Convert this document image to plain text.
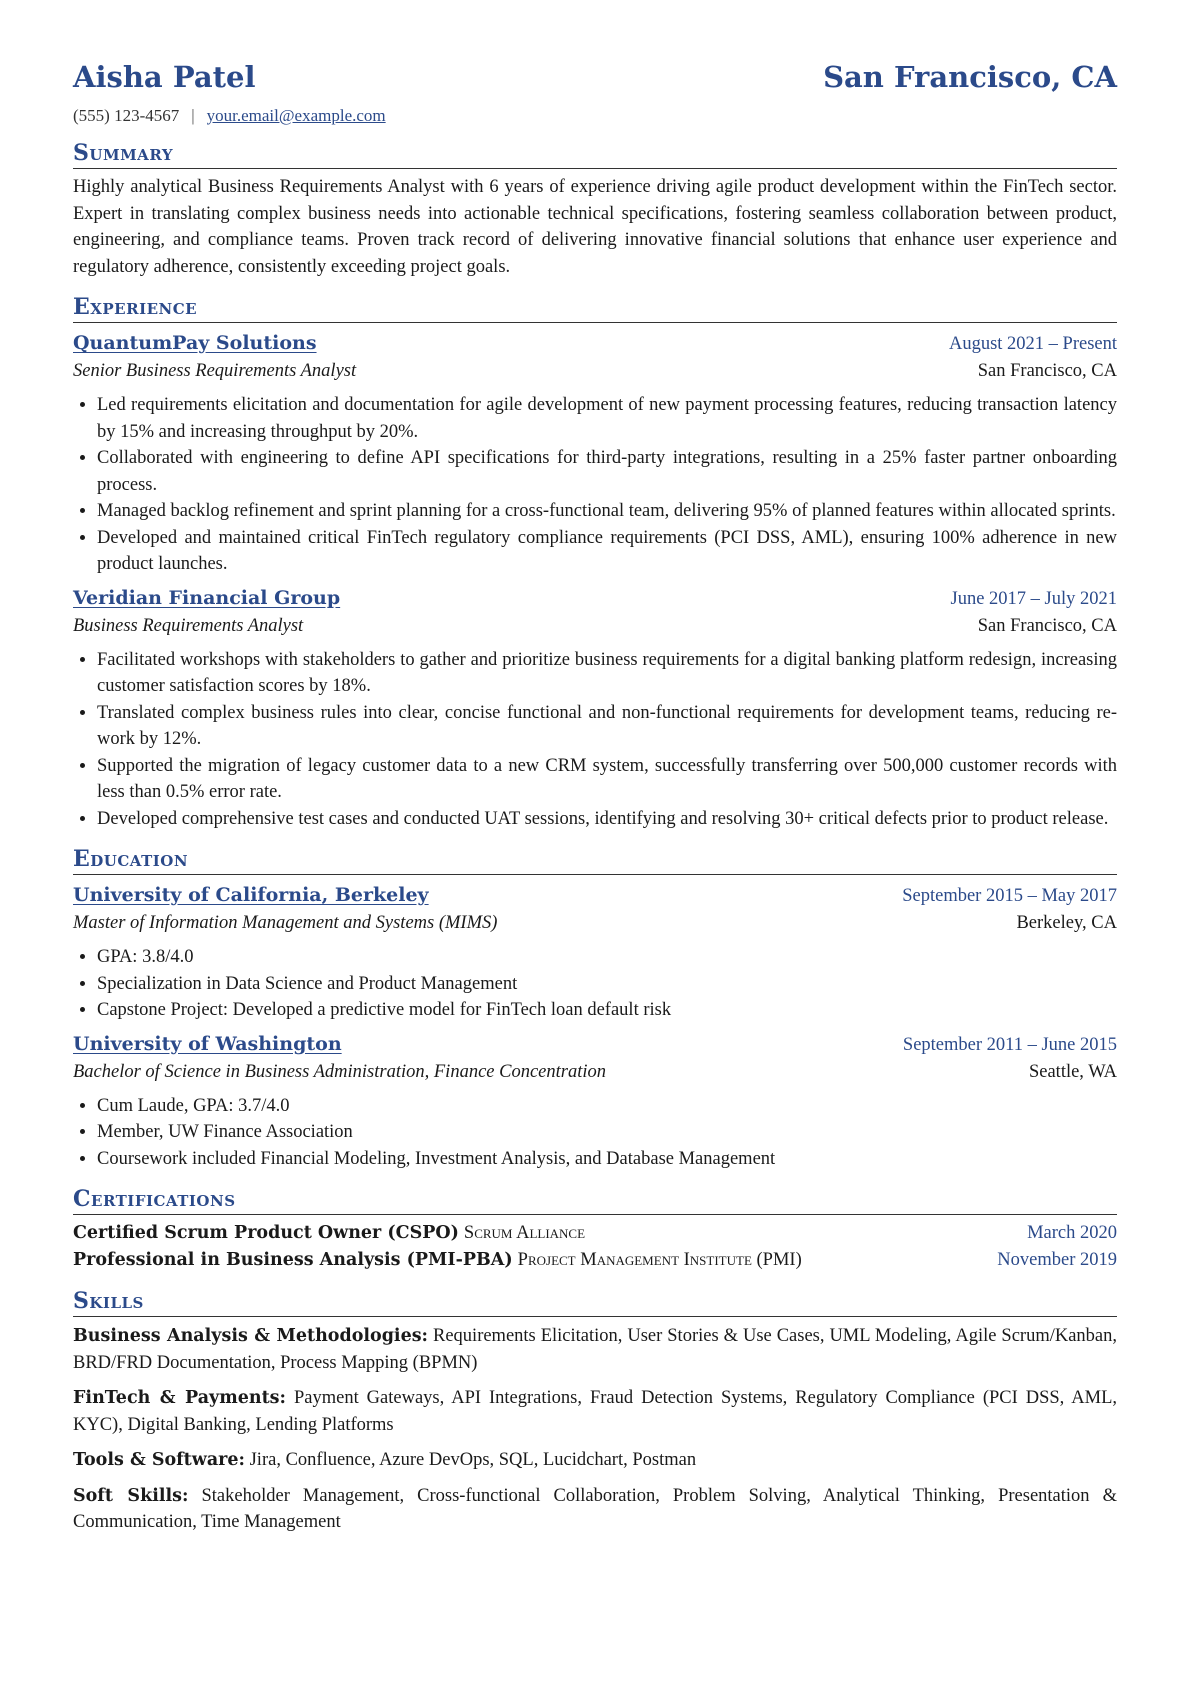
Aisha Patel	San Francisco, CA
(555) 123-4567 | your.email@example.com
Summary
Highly analytical Business Requirements Analyst with 6 years of experience driving agile product development within the FinTech sector. Expert in translating complex business needs into actionable technical specifications, fostering seamless collaboration between product, engineering, and compliance teams. Proven track record of delivering innovative financial solutions that enhance user experience and regulatory adherence, consistently exceeding project goals.
Experience
QuantumPay Solutions	August 2021 – Present
Senior Business Requirements Analyst	San Francisco, CA
• Led requirements elicitation and documentation for agile development of new payment processing features, reducing transaction latency by 15% and increasing throughput by 20%.
• Collaborated with engineering to define API specifications for third-party integrations, resulting in a 25% faster partner onboarding process.
• Managed backlog refinement and sprint planning for a cross-functional team, delivering 95% of planned features within allocated sprints.
• Developed and maintained critical FinTech regulatory compliance requirements (PCI DSS, AML), ensuring 100% adherence in new product launches.
Veridian Financial Group	June 2017 – July 2021
Business Requirements Analyst	San Francisco, CA
• Facilitated workshops with stakeholders to gather and prioritize business requirements for a digital banking platform redesign, increasing customer satisfaction scores by 18%.
• Translated complex business rules into clear, concise functional and non-functional requirements for development teams, reducing re-work by 12%.
• Supported the migration of legacy customer data to a new CRM system, successfully transferring over 500,000 customer records with less than 0.5% error rate.
• Developed comprehensive test cases and conducted UAT sessions, identifying and resolving 30+ critical defects prior to product release.
Education
University of California, Berkeley	September 2015 – May 2017
Master of Information Management and Systems (MIMS)	Berkeley, CA
• GPA: 3.8/4.0
• Specialization in Data Science and Product Management
• Capstone Project: Developed a predictive model for FinTech loan default risk
University of Washington	September 2011 – June 2015
Bachelor of Science in Business Administration, Finance Concentration	Seattle, WA
• Cum Laude, GPA: 3.7/4.0
• Member, UW Finance Association
• Coursework included Financial Modeling, Investment Analysis, and Database Management
Certifications
Certified Scrum Product Owner (CSPO) Scrum Alliance	March 2020
Professional in Business Analysis (PMI-PBA) Project Management Institute (PMI)	November 2019
Skills
Business Analysis & Methodologies: Requirements Elicitation, User Stories & Use Cases, UML Modeling, Agile Scrum/Kanban, BRD/FRD Documentation, Process Mapping (BPMN)
FinTech & Payments: Payment Gateways, API Integrations, Fraud Detection Systems, Regulatory Compliance (PCI DSS, AML, KYC), Digital Banking, Lending Platforms
Tools & Software: Jira, Confluence, Azure DevOps, SQL, Lucidchart, Postman
Soft Skills: Stakeholder Management, Cross-functional Collaboration, Problem Solving, Analytical Thinking, Presentation & Communication, Time Management
